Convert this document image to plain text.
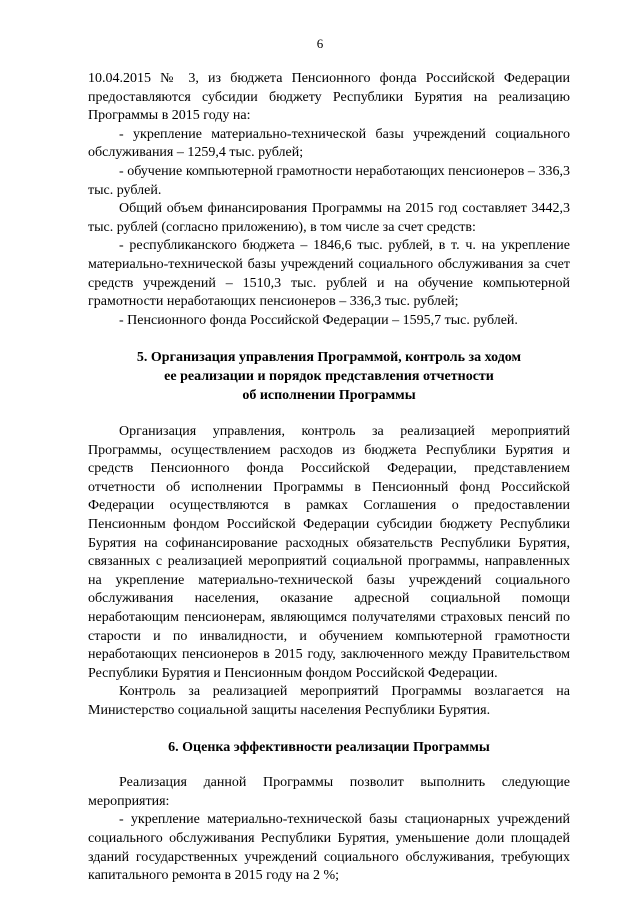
6

10.04.2015 № 3, из бюджета Пенсионного фонда Российской Федерации предоставляются субсидии бюджету Республики Бурятия на реализацию Программы в 2015 году на:

- укрепление материально-технической базы учреждений социального обслуживания – 1259,4 тыс. рублей;

- обучение компьютерной грамотности неработающих пенсионеров – 336,3 тыс. рублей.

Общий объем финансирования Программы на 2015 год составляет 3442,3 тыс. рублей (согласно приложению), в том числе за счет средств:

- республиканского бюджета – 1846,6 тыс. рублей, в т. ч. на укрепление материально-технической базы учреждений социального обслуживания за счет средств учреждений – 1510,3 тыс. рублей и на обучение компьютерной грамотности неработающих пенсионеров – 336,3 тыс. рублей;

- Пенсионного фонда Российской Федерации – 1595,7 тыс. рублей.

5. Организация управления Программой, контроль за ходом
ее реализации и порядок представления отчетности
об исполнении Программы

Организация управления, контроль за реализацией мероприятий Программы, осуществлением расходов из бюджета Республики Бурятия и средств Пенсионного фонда Российской Федерации, представлением отчетности об исполнении Программы в Пенсионный фонд Российской Федерации осуществляются в рамках Соглашения о предоставлении Пенсионным фондом Российской Федерации субсидии бюджету Республики Бурятия на софинансирование расходных обязательств Республики Бурятия, связанных с реализацией мероприятий социальной программы, направленных на укрепление материально-технической базы учреждений социального обслуживания населения, оказание адресной социальной помощи неработающим пенсионерам, являющимся получателями страховых пенсий по старости и по инвалидности, и обучением компьютерной грамотности неработающих пенсионеров в 2015 году, заключенного между Правительством Республики Бурятия и Пенсионным фондом Российской Федерации.

Контроль за реализацией мероприятий Программы возлагается на Министерство социальной защиты населения Республики Бурятия.

6. Оценка эффективности реализации Программы

Реализация данной Программы позволит выполнить следующие мероприятия:

- укрепление материально-технической базы стационарных учреждений социального обслуживания Республики Бурятия, уменьшение доли площадей зданий государственных учреждений социального обслуживания, требующих капитального ремонта в 2015 году на 2 %;
